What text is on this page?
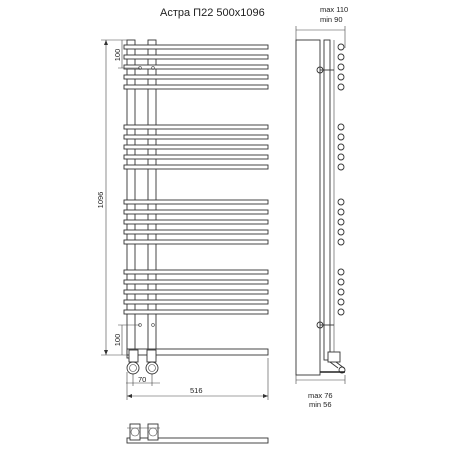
Астра П22 500х1096
1096
100
100
70
516
max 110
min 90
max 76
min 56
